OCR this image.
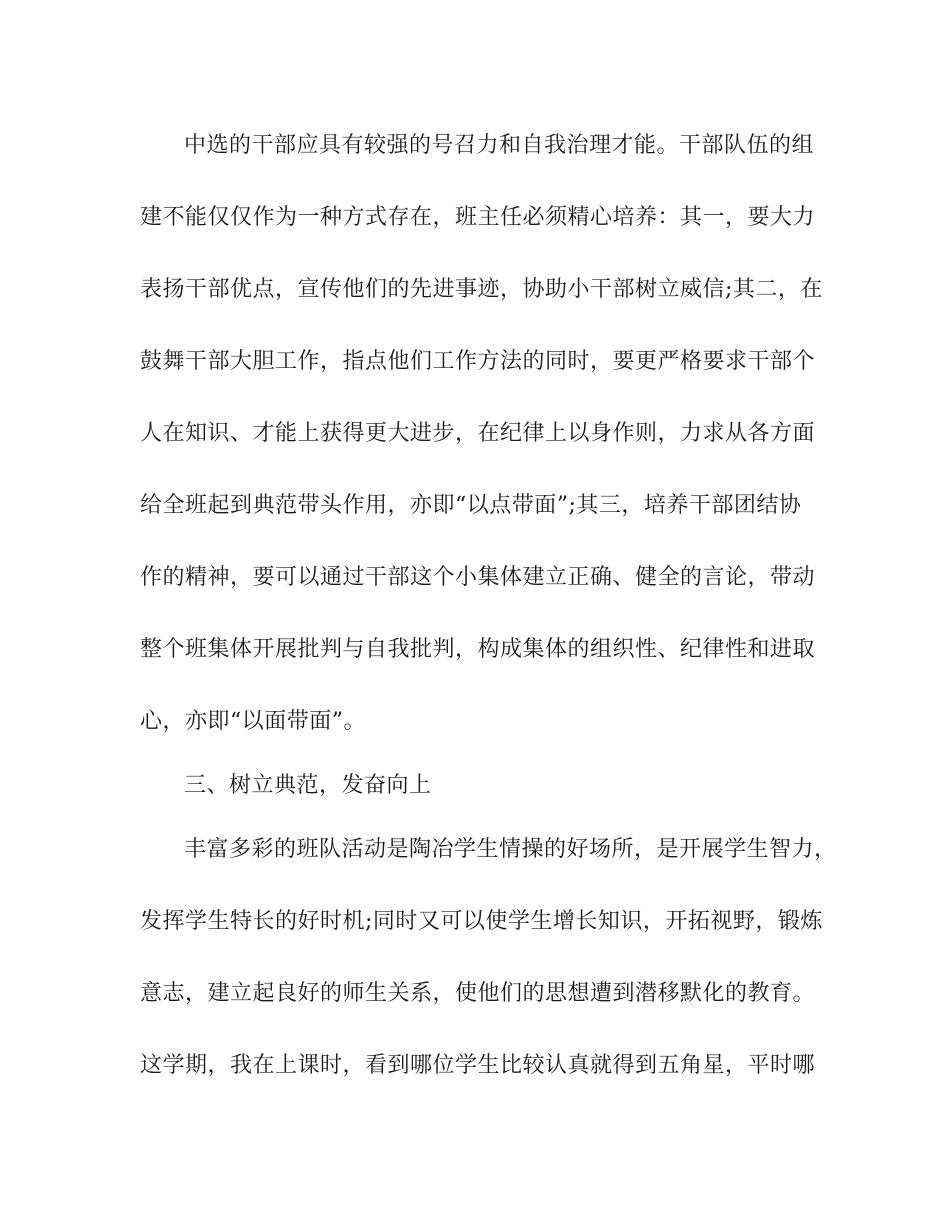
中选的干部应具有较强的号召力和自我治理才能。干部队伍的组
建不能仅仅作为一种方式存在，班主任必须精心培养：其一，要大力
表扬干部优点，宣传他们的先进事迹，协助小干部树立威信;其二，在
鼓舞干部大胆工作，指点他们工作方法的同时，要更严格要求干部个
人在知识、才能上获得更大进步，在纪律上以身作则，力求从各方面
给全班起到典范带头作用，亦即“以点带面”;其三，培养干部团结协
作的精神，要可以通过干部这个小集体建立正确、健全的言论，带动
整个班集体开展批判与自我批判，构成集体的组织性、纪律性和进取
心，亦即“以面带面”。
三、树立典范，发奋向上
丰富多彩的班队活动是陶冶学生情操的好场所，是开展学生智力，
发挥学生特长的好时机;同时又可以使学生增长知识，开拓视野，锻炼
意志，建立起良好的师生关系，使他们的思想遭到潜移默化的教育。
这学期，我在上课时，看到哪位学生比较认真就得到五角星，平时哪
